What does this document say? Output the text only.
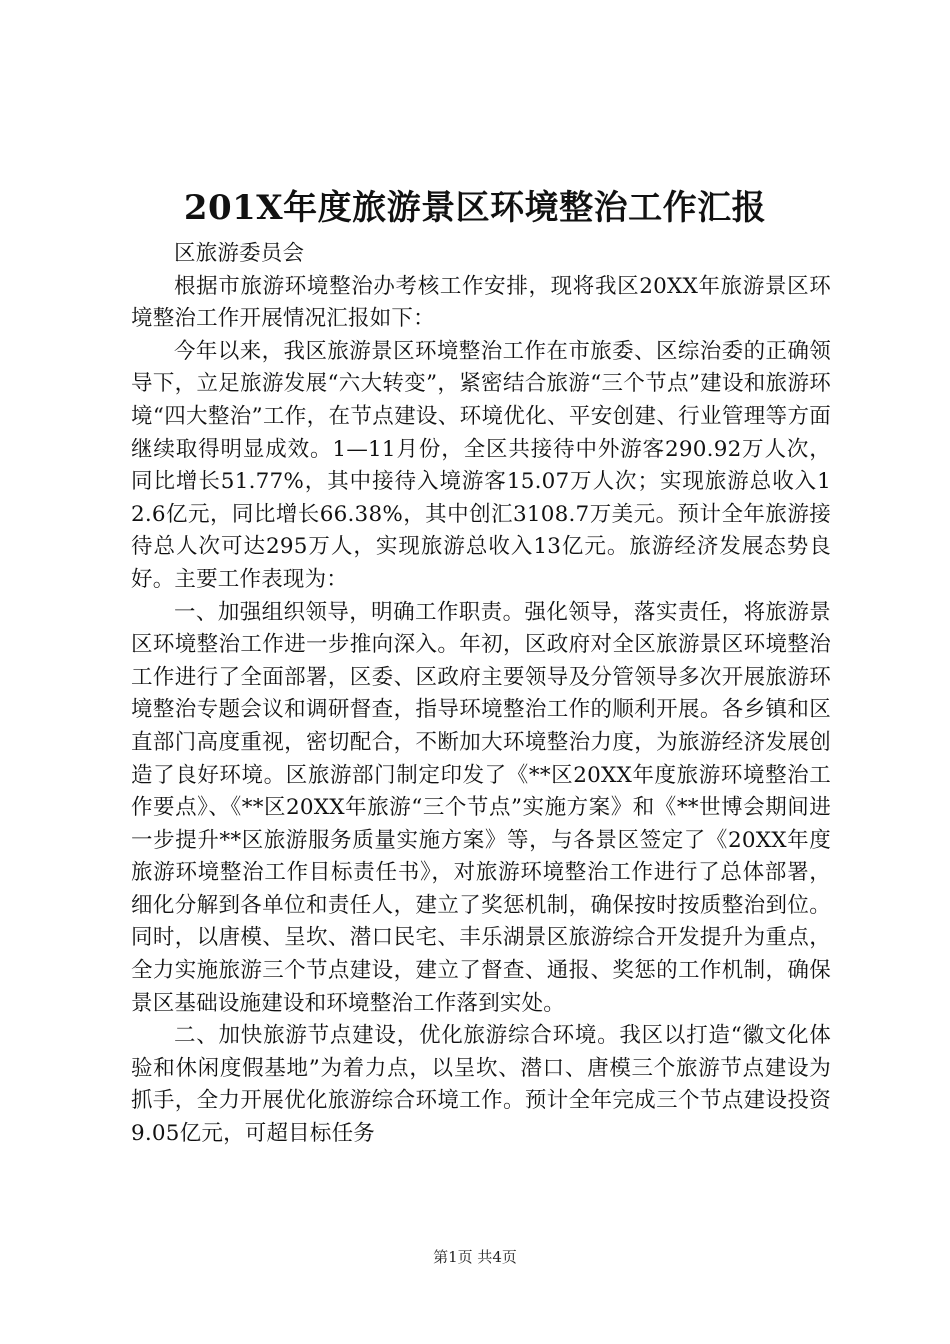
201X年度旅游景区环境整治工作汇报

区旅游委员会

根据市旅游环境整治办考核工作安排，现将我区20XX年旅游景区环境整治工作开展情况汇报如下：

今年以来，我区旅游景区环境整治工作在市旅委、区综治委的正确领导下，立足旅游发展“六大转变”，紧密结合旅游“三个节点”建设和旅游环境“四大整治”工作，在节点建设、环境优化、平安创建、行业管理等方面继续取得明显成效。1—11月份，全区共接待中外游客290.92万人次，同比增长51.77%，其中接待入境游客15.07万人次；实现旅游总收入12.6亿元，同比增长66.38%，其中创汇3108.7万美元。预计全年旅游接待总人次可达295万人，实现旅游总收入13亿元。旅游经济发展态势良好。主要工作表现为：

一、加强组织领导，明确工作职责。强化领导，落实责任，将旅游景区环境整治工作进一步推向深入。年初，区政府对全区旅游景区环境整治工作进行了全面部署，区委、区政府主要领导及分管领导多次开展旅游环境整治专题会议和调研督查，指导环境整治工作的顺利开展。各乡镇和区直部门高度重视，密切配合，不断加大环境整治力度，为旅游经济发展创造了良好环境。区旅游部门制定印发了《**区20XX年度旅游环境整治工作要点》、《**区20XX年旅游“三个节点”实施方案》和《**世博会期间进一步提升**区旅游服务质量实施方案》等，与各景区签定了《20XX年度旅游环境整治工作目标责任书》，对旅游环境整治工作进行了总体部署，细化分解到各单位和责任人，建立了奖惩机制，确保按时按质整治到位。同时，以唐模、呈坎、潜口民宅、丰乐湖景区旅游综合开发提升为重点，全力实施旅游三个节点建设，建立了督查、通报、奖惩的工作机制，确保景区基础设施建设和环境整治工作落到实处。

二、加快旅游节点建设，优化旅游综合环境。我区以打造“徽文化体验和休闲度假基地”为着力点，以呈坎、潜口、唐模三个旅游节点建设为抓手，全力开展优化旅游综合环境工作。预计全年完成三个节点建设投资9.05亿元，可超目标任务

第1页 共4页
